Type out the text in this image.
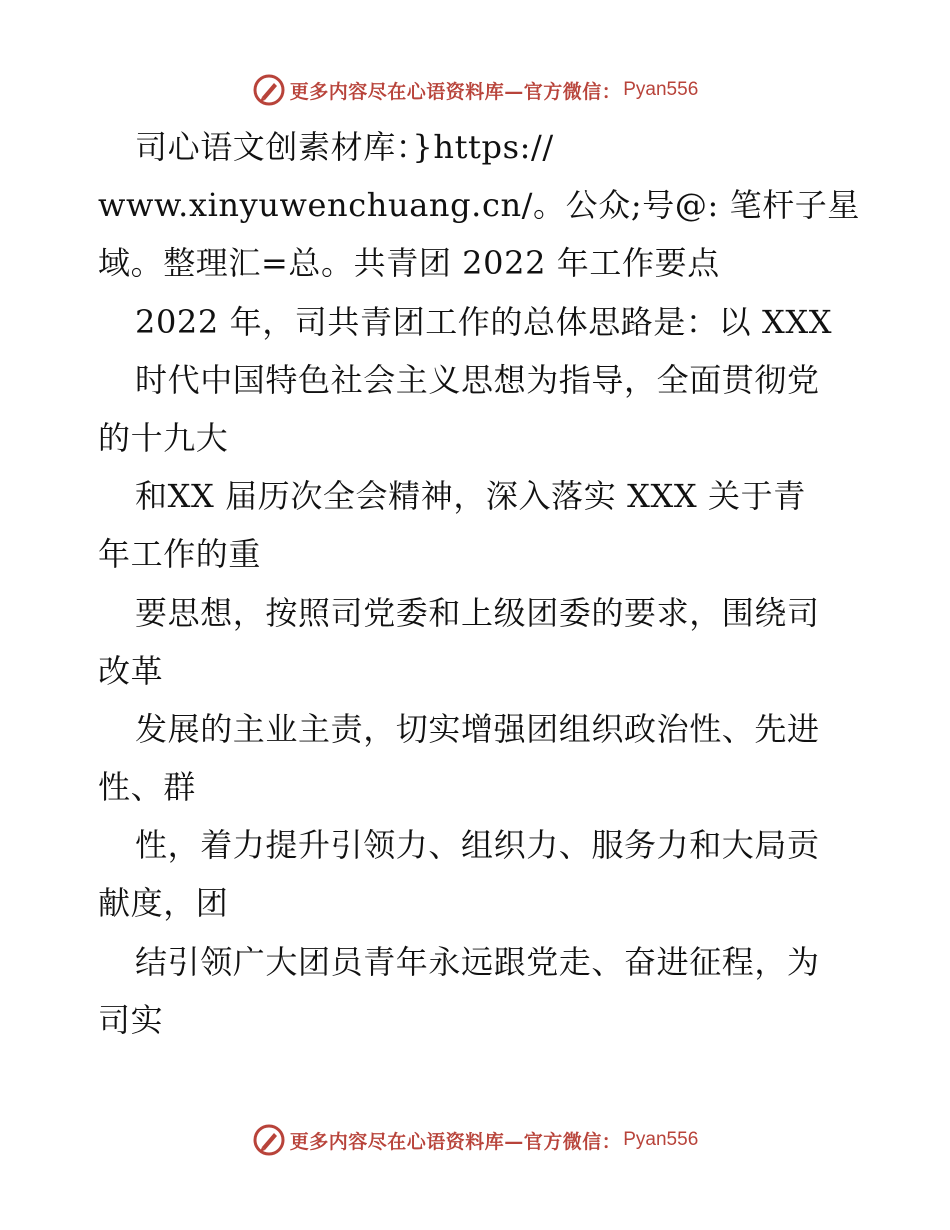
更多内容尽在心语资料库—官方微信： Pyan556
司心语文创素材库：}https://
www.xinyuwenchuang.cn/。公众;号@: 笔杆子星
域。整理汇=总。共青团 2022 年工作要点
2022 年，司共青团工作的总体思路是：以 XXX
时代中国特色社会主义思想为指导，全面贯彻党
的十九大
和XX 届历次全会精神，深入落实 XXX 关于青
年工作的重
要思想，按照司党委和上级团委的要求，围绕司
改革
发展的主业主责，切实增强团组织政治性、先进
性、群
性，着力提升引领力、组织力、服务力和大局贡
献度，团
结引领广大团员青年永远跟党走、奋进征程，为
司实
更多内容尽在心语资料库—官方微信： Pyan556
